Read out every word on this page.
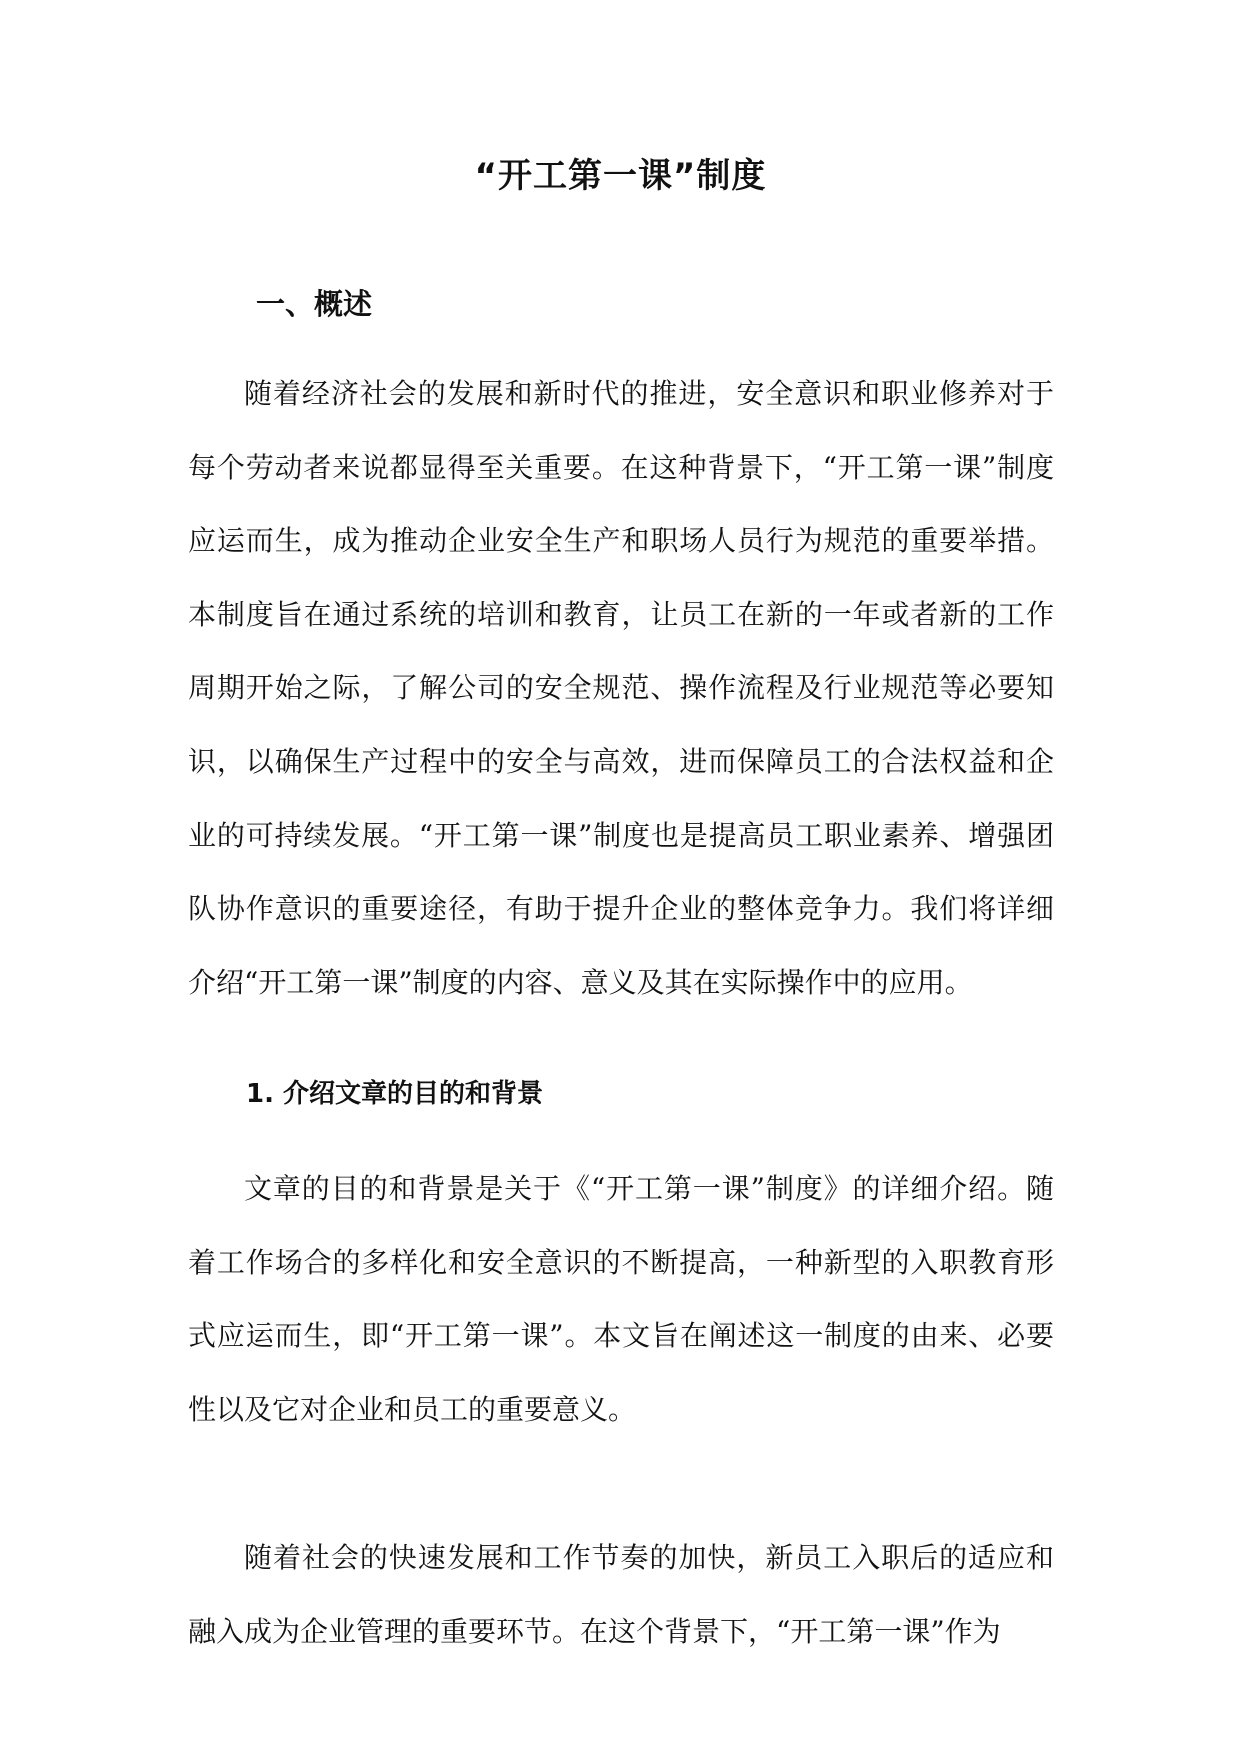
“开工第一课”制度
一、概述

随着经济社会的发展和新时代的推进，安全意识和职业修养对于每个劳动者来说都显得至关重要。在这种背景下，“开工第一课”制度应运而生，成为推动企业安全生产和职场人员行为规范的重要举措。本制度旨在通过系统的培训和教育，让员工在新的一年或者新的工作周期开始之际，了解公司的安全规范、操作流程及行业规范等必要知识，以确保生产过程中的安全与高效，进而保障员工的合法权益和企业的可持续发展。“开工第一课”制度也是提高员工职业素养、增强团队协作意识的重要途径，有助于提升企业的整体竞争力。我们将详细介绍“开工第一课”制度的内容、意义及其在实际操作中的应用。

1. 介绍文章的目的和背景

文章的目的和背景是关于《“开工第一课”制度》的详细介绍。随着工作场合的多样化和安全意识的不断提高，一种新型的入职教育形式应运而生，即“开工第一课”。本文旨在阐述这一制度的由来、必要性以及它对企业和员工的重要意义。

随着社会的快速发展和工作节奏的加快，新员工入职后的适应和融入成为企业管理的重要环节。在这个背景下，“开工第一课”作为
